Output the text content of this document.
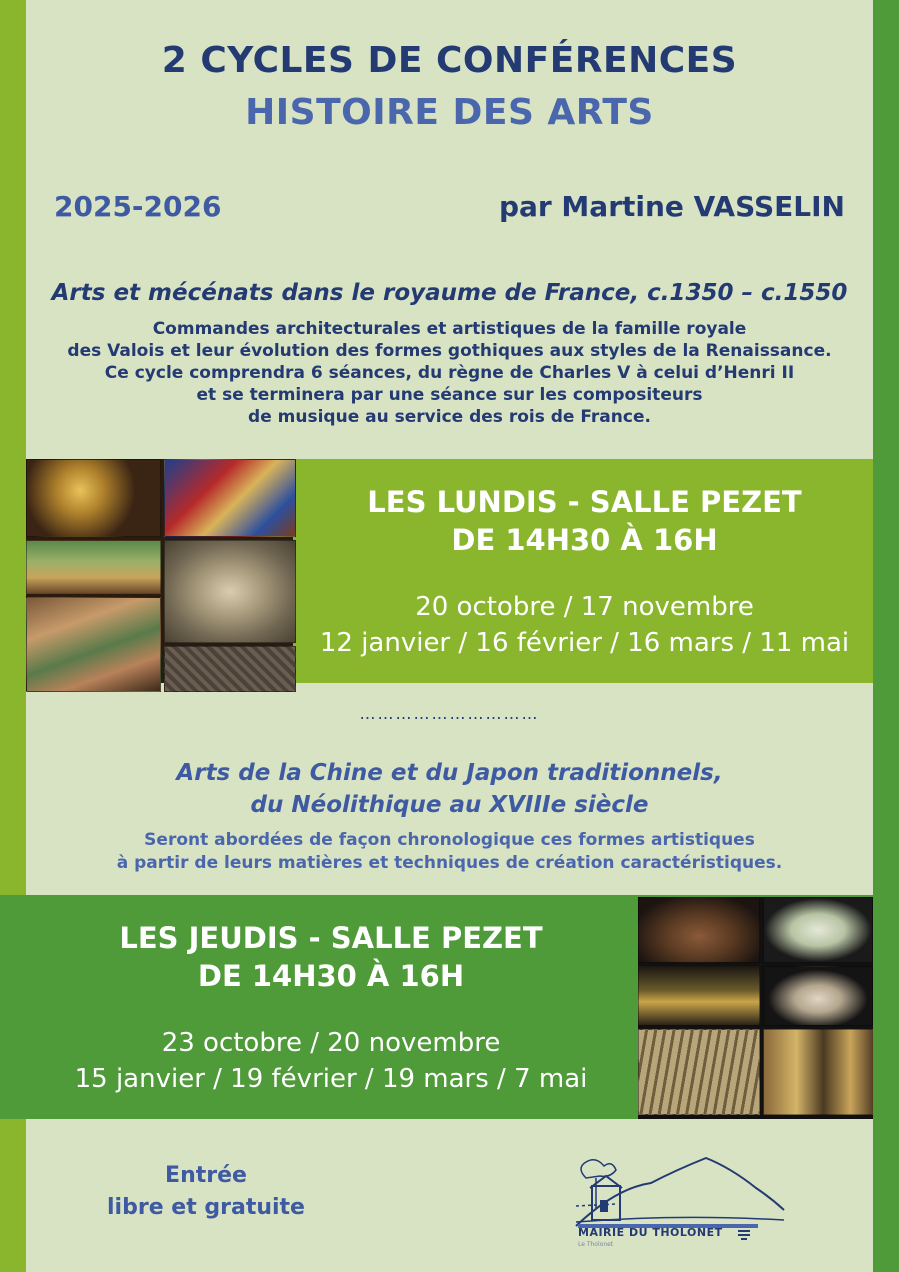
2 CYCLES DE CONFÉRENCES
HISTOIRE DES ARTS
2025-2026	par Martine VASSELIN
Arts et mécénats dans le royaume de France, c.1350 – c.1550
Commandes architecturales et artistiques de la famille royale
des Valois et leur évolution des formes gothiques aux styles de la Renaissance.
Ce cycle comprendra 6 séances, du règne de Charles V à celui d’Henri II
et se terminera par une séance sur les compositeurs
de musique au service des rois de France.
LES LUNDIS - SALLE PEZET
DE 14H30 À 16H
20 octobre / 17 novembre
12 janvier / 16 février / 16 mars / 11 mai
…………………………
Arts de la Chine et du Japon traditionnels,
du Néolithique au XVIIIe siècle
Seront abordées de façon chronologique ces formes artistiques
à partir de leurs matières et techniques de création caractéristiques.
LES JEUDIS - SALLE PEZET
DE 14H30 À 16H
23 octobre / 20 novembre
15 janvier / 19 février / 19 mars / 7 mai
Entrée
libre et gratuite
MAIRIE DU THOLONET
Le Tholonet
